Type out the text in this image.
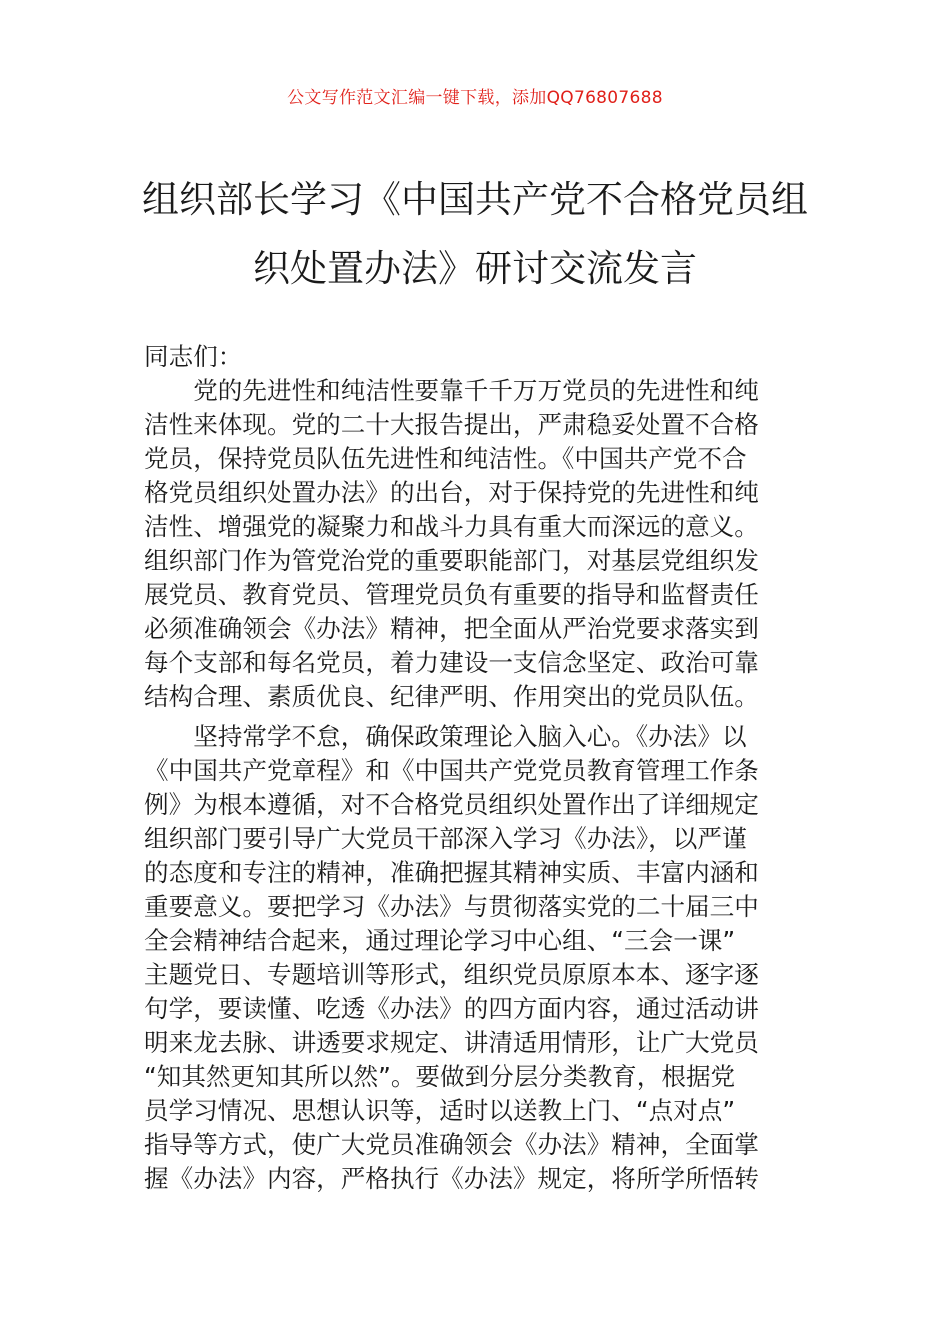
公文写作范文汇编一键下载，添加QQ76807688
组织部长学习《中国共产党不合格党员组
织处置办法》研讨交流发言
同志们：
　　党的先进性和纯洁性要靠千千万万党员的先进性和纯
洁性来体现。党的二十大报告提出，严肃稳妥处置不合格
党员，保持党员队伍先进性和纯洁性。《中国共产党不合
格党员组织处置办法》的出台，对于保持党的先进性和纯
洁性、增强党的凝聚力和战斗力具有重大而深远的意义。
组织部门作为管党治党的重要职能部门，对基层党组织发
展党员、教育党员、管理党员负有重要的指导和监督责任
必须准确领会《办法》精神，把全面从严治党要求落实到
每个支部和每名党员，着力建设一支信念坚定、政治可靠
结构合理、素质优良、纪律严明、作用突出的党员队伍。
　　坚持常学不怠，确保政策理论入脑入心。《办法》以
《中国共产党章程》和《中国共产党党员教育管理工作条
例》为根本遵循，对不合格党员组织处置作出了详细规定
组织部门要引导广大党员干部深入学习《办法》，以严谨
的态度和专注的精神，准确把握其精神实质、丰富内涵和
重要意义。要把学习《办法》与贯彻落实党的二十届三中
全会精神结合起来，通过理论学习中心组、“三会一课”
主题党日、专题培训等形式，组织党员原原本本、逐字逐
句学，要读懂、吃透《办法》的四方面内容，通过活动讲
明来龙去脉、讲透要求规定、讲清适用情形，让广大党员
“知其然更知其所以然”。要做到分层分类教育，根据党
员学习情况、思想认识等，适时以送教上门、“点对点”
指导等方式，使广大党员准确领会《办法》精神，全面掌
握《办法》内容，严格执行《办法》规定，将所学所悟转
